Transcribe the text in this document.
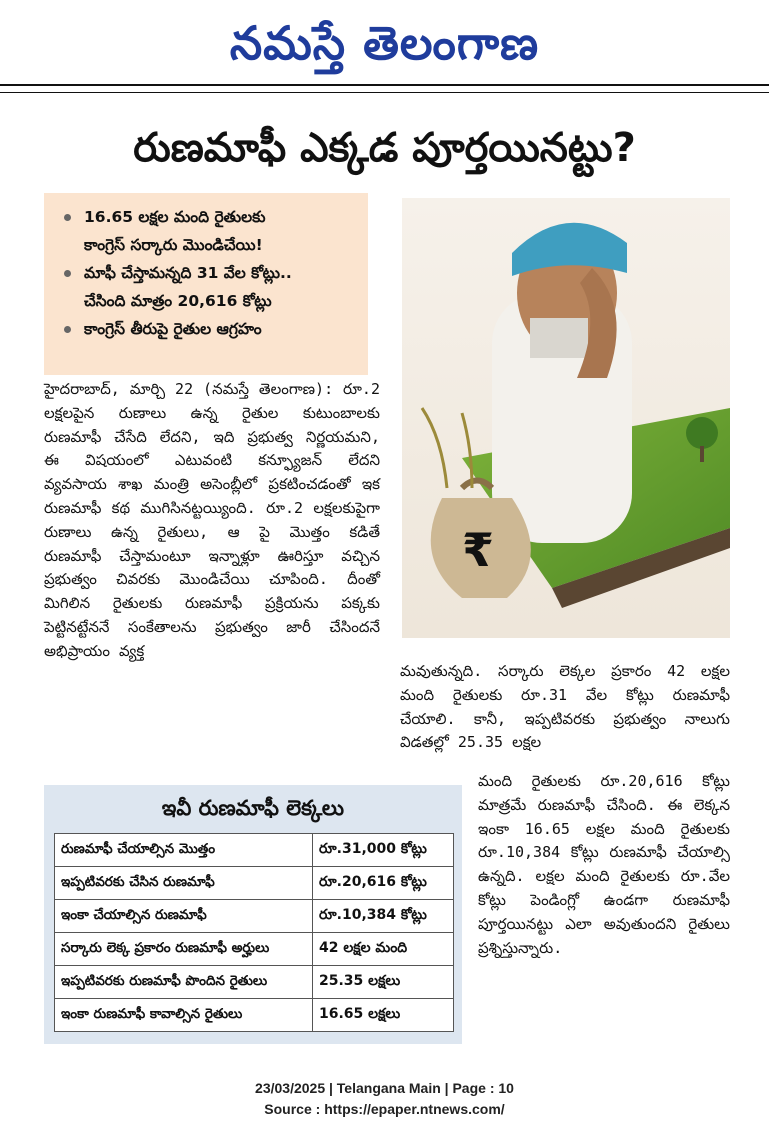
నమస్తే తెలంగాణ
రుణమాఫీ ఎక్కడ పూర్తయినట్టు?

16.65 లక్షల మంది రైతులకు

కాంగ్రెస్ సర్కారు మొండిచేయి!

మాఫీ చేస్తామన్నది 31 వేల కోట్లు..

చేసింది మాత్రం 20,616 కోట్లు

కాంగ్రెస్ తీరుపై రైతుల ఆగ్రహం

హైదరాబాద్, మార్చి 22 (నమస్తే తెలంగాణ): రూ.2 లక్షలపైన రుణాలు ఉన్న రైతుల కుటుంబాలకు రుణమాఫీ చేసేది లేదని, ఇది ప్రభుత్వ నిర్ణయమని, ఈ విషయంలో ఎటువంటి కన్ఫ్యూజన్ లేదని వ్యవసాయ శాఖ మంత్రి అసెంబ్లీలో ప్రకటించడంతో ఇక రుణమాఫీ కథ ముగిసినట్టయ్యింది. రూ.2 లక్షలకుపైగా రుణాలు ఉన్న రైతులు, ఆ పై మొత్తం కడితే రుణమాఫీ చేస్తామంటూ ఇన్నాళ్లూ ఊరిస్తూ వచ్చిన ప్రభుత్వం చివరకు మొండిచేయి చూపింది. దీంతో మిగిలిన రైతులకు రుణమాఫీ ప్రక్రియను పక్కకు పెట్టినట్టేననే సంకేతాలను ప్రభుత్వం జారీ చేసిందనే అభిప్రాయం వ్యక్త

₹

మవుతున్నది. సర్కారు లెక్కల ప్రకారం 42 లక్షల మంది రైతులకు రూ.31 వేల కోట్లు రుణమాఫీ చేయాలి. కానీ, ఇప్పటివరకు ప్రభుత్వం నాలుగు విడతల్లో 25.35 లక్షల

మంది రైతులకు రూ.20,616 కోట్లు మాత్రమే రుణమాఫీ చేసింది. ఈ లెక్కన ఇంకా 16.65 లక్షల మంది రైతులకు రూ.10,384 కోట్లు రుణమాఫీ చేయాల్సి ఉన్నది. లక్షల మంది రైతులకు రూ.వేల కోట్లు పెండింగ్లో ఉండగా రుణమాఫీ పూర్తయినట్టు ఎలా అవుతుందని రైతులు ప్రశ్నిస్తున్నారు.

ఇవీ రుణమాఫీ లెక్కలు
రుణమాఫీ చేయాల్సిన మొత్తం	రూ.31,000 కోట్లు
ఇప్పటివరకు చేసిన రుణమాఫీ	రూ.20,616 కోట్లు
ఇంకా చేయాల్సిన రుణమాఫీ	రూ.10,384 కోట్లు
సర్కారు లెక్క ప్రకారం రుణమాఫీ అర్హులు	42 లక్షల మంది
ఇప్పటివరకు రుణమాఫీ పొందిన రైతులు	25.35 లక్షలు
ఇంకా రుణమాఫీ కావాల్సిన రైతులు	16.65 లక్షలు
23/03/2025 | Telangana Main | Page : 10
Source : https://epaper.ntnews.com/
